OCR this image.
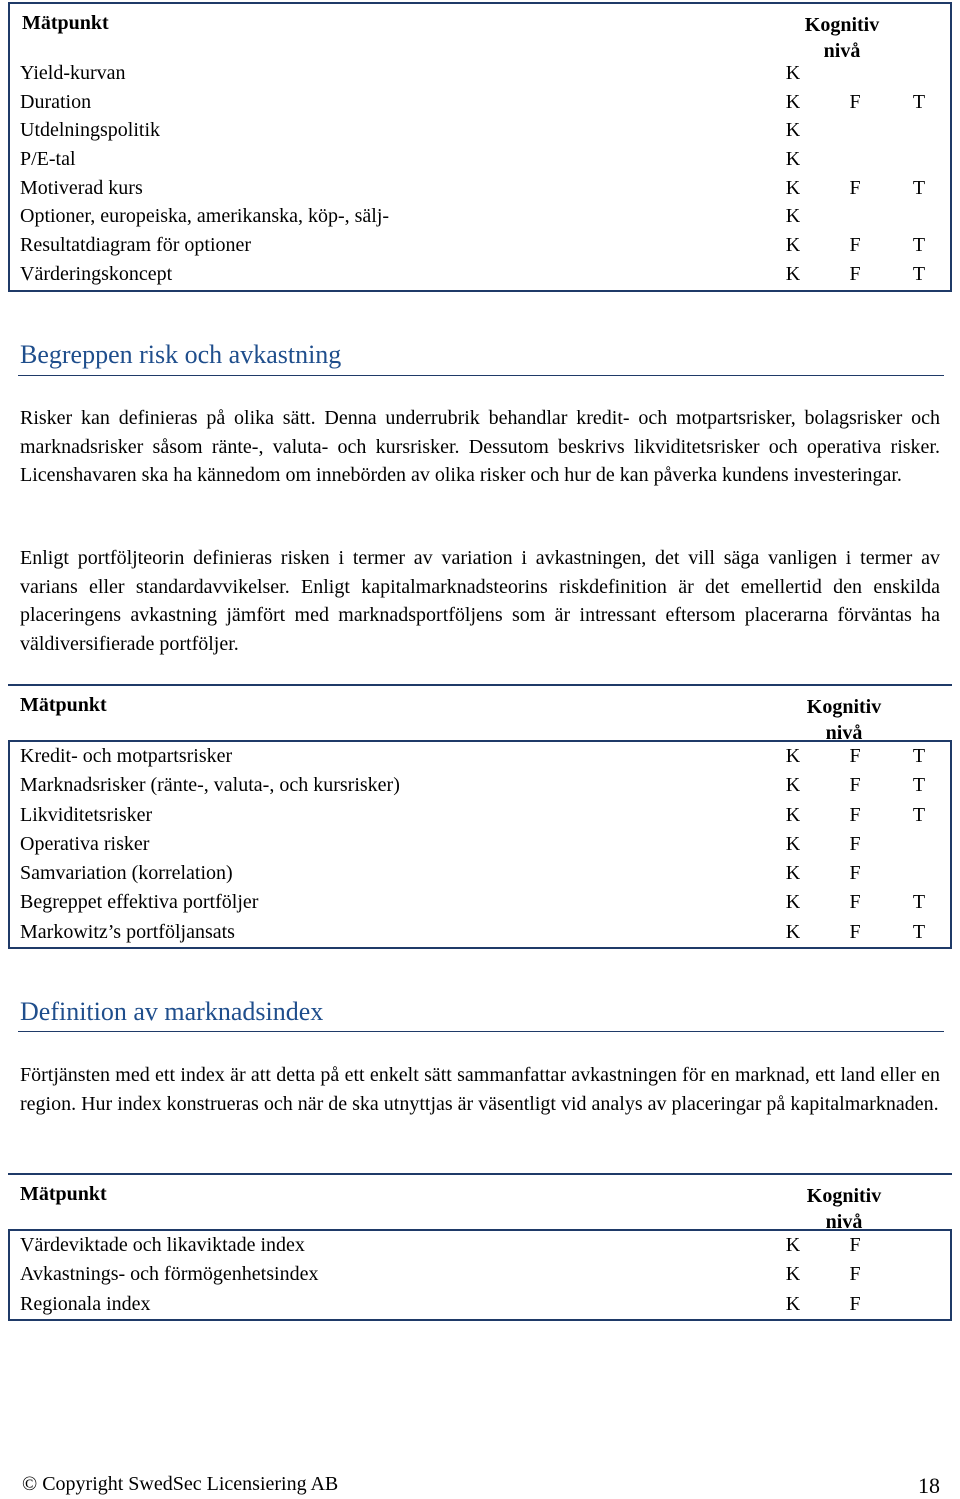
Mätpunkt	Kognitiv nivå
Yield-kurvan	K
Duration	K	F	T
Utdelningspolitik	K
P/E-tal	K
Motiverad kurs	K	F	T
Optioner, europeiska, amerikanska, köp-, sälj-	K
Resultatdiagram för optioner	K	F	T
Värderingskoncept	K	F	T
Begreppen risk och avkastning
Risker kan definieras på olika sätt. Denna underrubrik behandlar kredit- och motpartsrisker, bolagsrisker och marknadsrisker såsom ränte-, valuta- och kursrisker. Dessutom beskrivs likviditetsrisker och operativa risker. Licenshavaren ska ha kännedom om innebörden av olika risker och hur de kan påverka kundens investeringar.
Enligt portföljteorin definieras risken i termer av variation i avkastningen, det vill säga vanligen i termer av varians eller standardavvikelser. Enligt kapitalmarknadsteorins riskdefinition är det emellertid den enskilda placeringens avkastning jämfört med marknadsportföljens som är intressant eftersom placerarna förväntas ha väldiversifierade portföljer.
Mätpunkt	Kognitiv nivå
Kredit- och motpartsrisker	K	F	T
Marknadsrisker (ränte-, valuta-, och kursrisker)	K	F	T
Likviditetsrisker	K	F	T
Operativa risker	K	F
Samvariation (korrelation)	K	F
Begreppet effektiva portföljer	K	F	T
Markowitz’s portföljansats	K	F	T
Definition av marknadsindex
Förtjänsten med ett index är att detta på ett enkelt sätt sammanfattar avkastningen för en marknad, ett land eller en region. Hur index konstrueras och när de ska utnyttjas är väsentligt vid analys av placeringar på kapitalmarknaden.
Mätpunkt	Kognitiv nivå
Värdeviktade och likaviktade index	K	F
Avkastnings- och förmögenhetsindex	K	F
Regionala index	K	F
© Copyright SwedSec Licensiering AB	18
